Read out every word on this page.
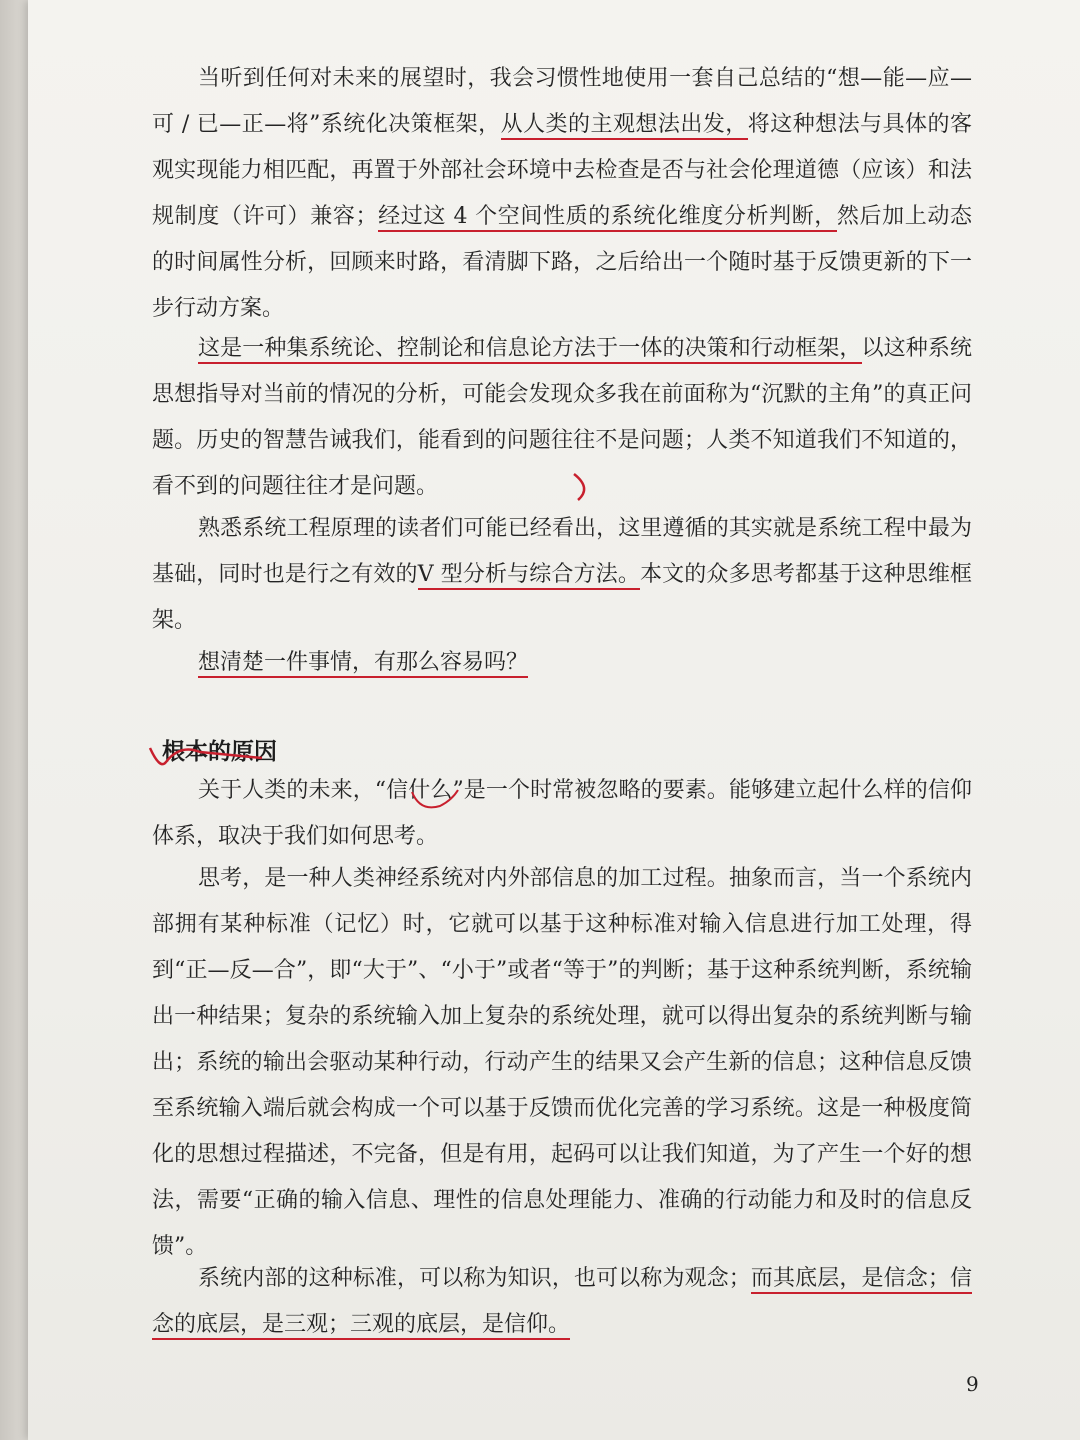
当听到任何对未来的展望时，我会习惯性地使用一套自己总结的“想—能—应—可 / 已—正—将”系统化决策框架，从人类的主观想法出发，将这种想法与具体的客观实现能力相匹配，再置于外部社会环境中去检查是否与社会伦理道德（应该）和法规制度（许可）兼容；经过这 4 个空间性质的系统化维度分析判断，然后加上动态的时间属性分析，回顾来时路，看清脚下路，之后给出一个随时基于反馈更新的下一步行动方案。

这是一种集系统论、控制论和信息论方法于一体的决策和行动框架，以这种系统思想指导对当前的情况的分析，可能会发现众多我在前面称为“沉默的主角”的真正问题。历史的智慧告诫我们，能看到的问题往往不是问题；人类不知道我们不知道的，看不到的问题往往才是问题。

熟悉系统工程原理的读者们可能已经看出，这里遵循的其实就是系统工程中最为基础，同时也是行之有效的V 型分析与综合方法。本文的众多思考都基于这种思维框架。

想清楚一件事情，有那么容易吗？

根本的原因

关于人类的未来，“信什么”是一个时常被忽略的要素。能够建立起什么样的信仰体系，取决于我们如何思考。

思考，是一种人类神经系统对内外部信息的加工过程。抽象而言，当一个系统内部拥有某种标准（记忆）时，它就可以基于这种标准对输入信息进行加工处理，得到“正—反—合”，即“大于”、“小于”或者“等于”的判断；基于这种系统判断，系统输出一种结果；复杂的系统输入加上复杂的系统处理，就可以得出复杂的系统判断与输出；系统的输出会驱动某种行动，行动产生的结果又会产生新的信息；这种信息反馈至系统输入端后就会构成一个可以基于反馈而优化完善的学习系统。这是一种极度简化的思想过程描述，不完备，但是有用，起码可以让我们知道，为了产生一个好的想法，需要“正确的输入信息、理性的信息处理能力、准确的行动能力和及时的信息反馈”。

系统内部的这种标准，可以称为知识，也可以称为观念；而其底层，是信念；信念的底层，是三观；三观的底层，是信仰。

9
